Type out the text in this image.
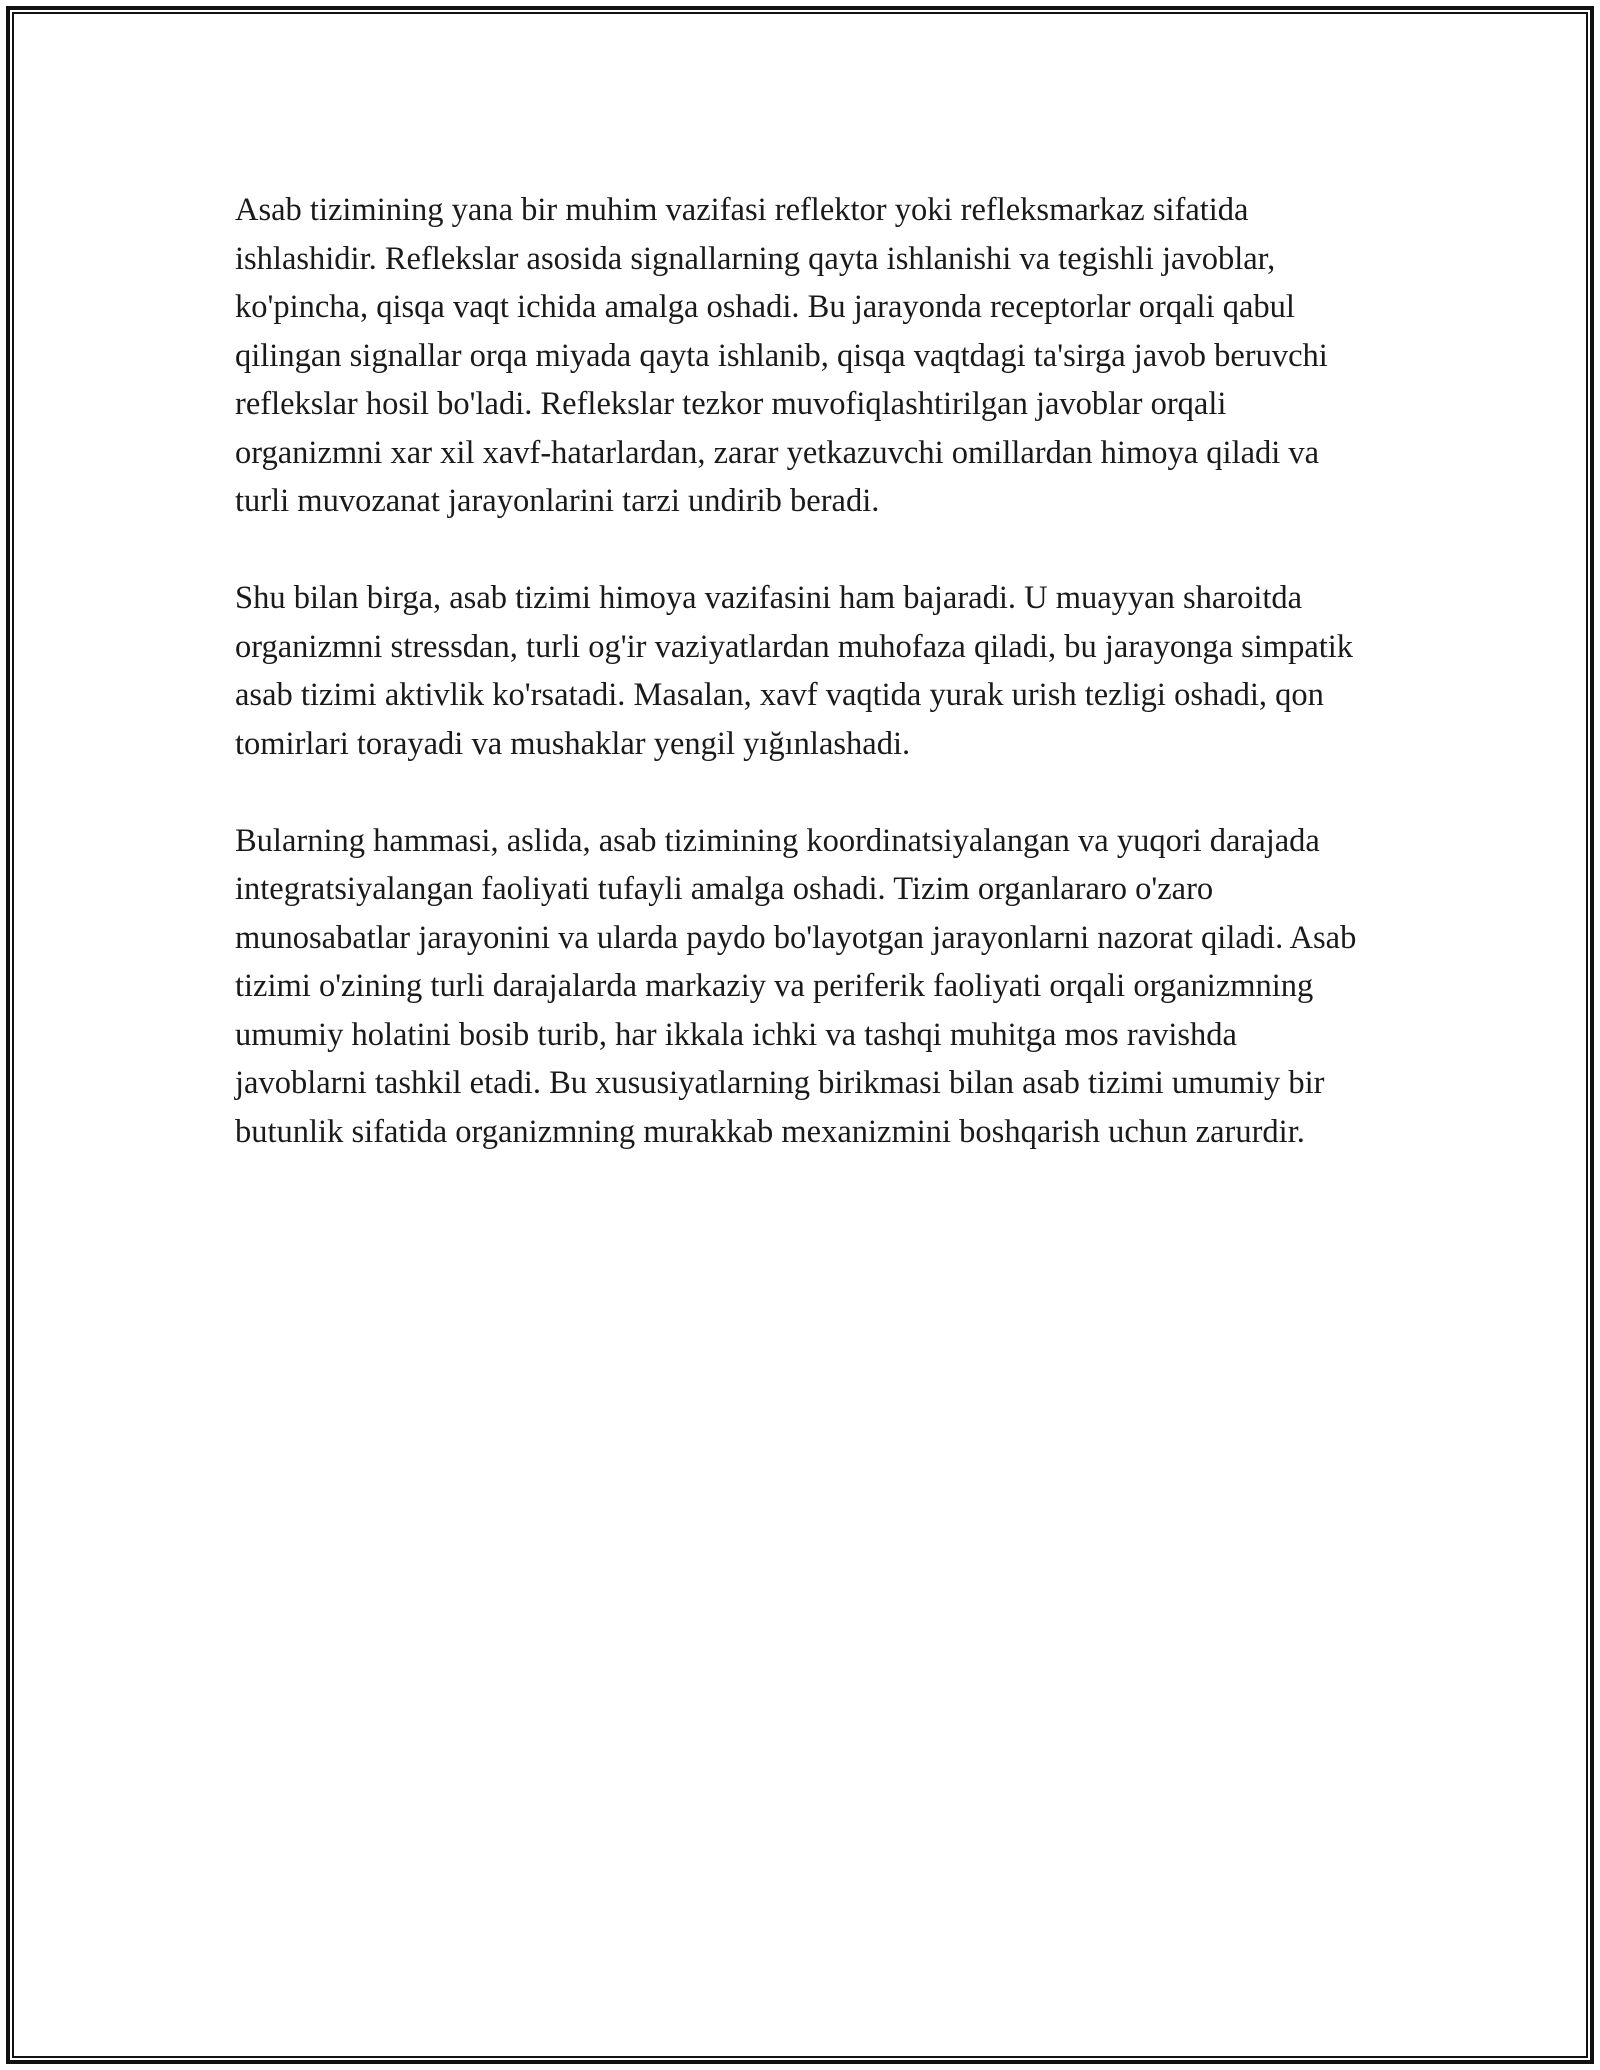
Asab tizimining yana bir muhim vazifasi reflektor yoki refleksmarkaz sifatida ishlashidir. Reflekslar asosida signallarning qayta ishlanishi va tegishli javoblar, ko'pincha, qisqa vaqt ichida amalga oshadi. Bu jarayonda receptorlar orqali qabul qilingan signallar orqa miyada qayta ishlanib, qisqa vaqtdagi ta'sirga javob beruvchi reflekslar hosil bo'ladi. Reflekslar tezkor muvofiqlashtirilgan javoblar orqali organizmni xar xil xavf-hatarlardan, zarar yetkazuvchi omillardan himoya qiladi va turli muvozanat jarayonlarini tarzi undirib beradi.

Shu bilan birga, asab tizimi himoya vazifasini ham bajaradi. U muayyan sharoitda organizmni stressdan, turli og'ir vaziyatlardan muhofaza qiladi, bu jarayonga simpatik asab tizimi aktivlik ko'rsatadi. Masalan, xavf vaqtida yurak urish tezligi oshadi, qon tomirlari torayadi va mushaklar yengil yığınlashadi.

Bularning hammasi, aslida, asab tizimining koordinatsiyalangan va yuqori darajada integratsiyalangan faoliyati tufayli amalga oshadi. Tizim organlararo o'zaro munosabatlar jarayonini va ularda paydo bo'layotgan jarayonlarni nazorat qiladi. Asab tizimi o'zining turli darajalarda markaziy va periferik faoliyati orqali organizmning umumiy holatini bosib turib, har ikkala ichki va tashqi muhitga mos ravishda javoblarni tashkil etadi. Bu xususiyatlarning birikmasi bilan asab tizimi umumiy bir butunlik sifatida organizmning murakkab mexanizmini boshqarish uchun zarurdir.
